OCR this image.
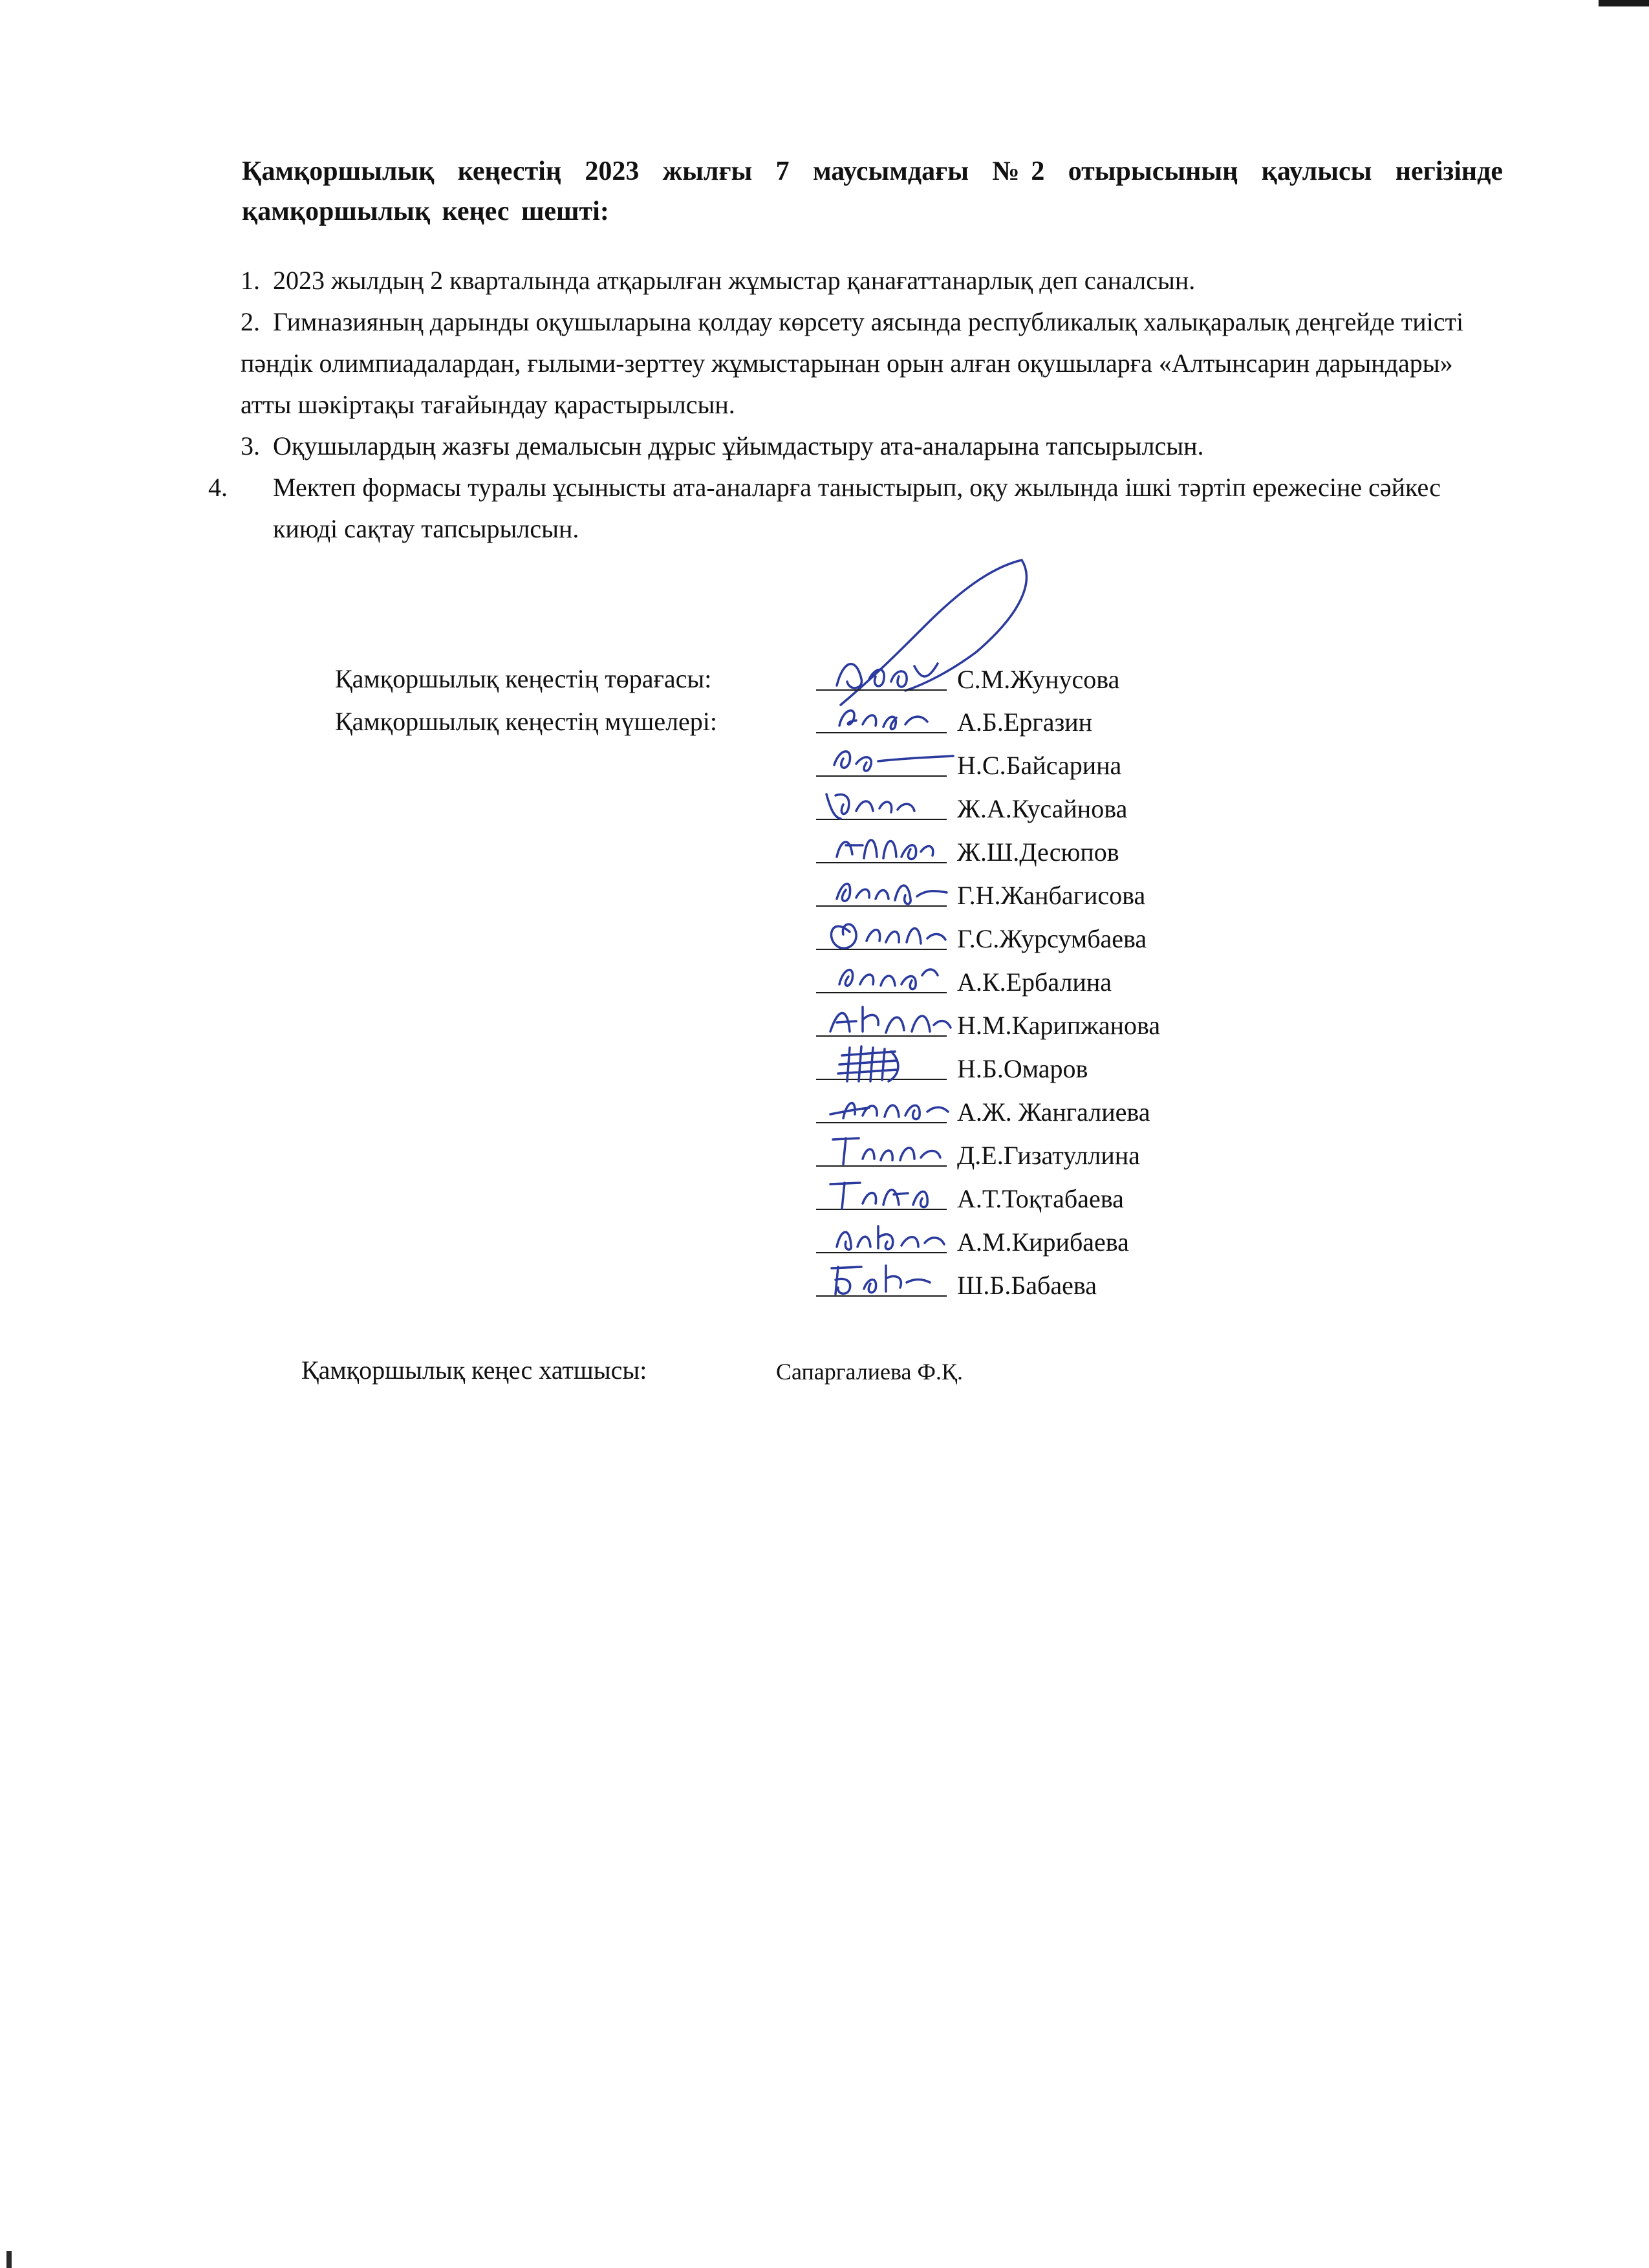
Қамқоршылық кеңестің 2023 жылғы 7 маусымдағы №2 отырысының қаулысы негізінде қамқоршылық кеңес шешті:
1. 2023 жылдың 2 кварталында атқарылған жұмыстар қанағаттанарлық деп саналсын.
2. Гимназияның дарынды оқушыларына қолдау көрсету аясында республикалық халықаралық деңгейде тиісті пәндік олимпиадалардан, ғылыми-зерттеу жұмыстарынан орын алған оқушыларға «Алтынсарин дарындары» атты шәкіртақы тағайындау қарастырылсын.
3. Оқушылардың жазғы демалысын дұрыс ұйымдастыру ата-аналарына тапсырылсын.
4. Мектеп формасы туралы ұсынысты ата-аналарға таныстырып, оқу жылында ішкі тәртіп ережесіне сәйкес киюді сақтау тапсырылсын.
Қамқоршылық кеңестің төрағасы:	С.М.Жунусова
Қамқоршылық кеңестің мүшелері:	А.Б.Ергазин
Н.С.Байсарина
Ж.А.Кусайнова
Ж.Ш.Десюпов
Г.Н.Жанбагисова
Г.С.Журсумбаева
А.К.Ербалина
Н.М.Карипжанова
Н.Б.Омаров
А.Ж. Жангалиева
Д.Е.Гизатуллина
А.Т.Тоқтабаева
А.М.Кирибаева
Ш.Б.Бабаева
Қамқоршылық кеңес хатшысы:	Сапаргалиева Ф.Қ.
